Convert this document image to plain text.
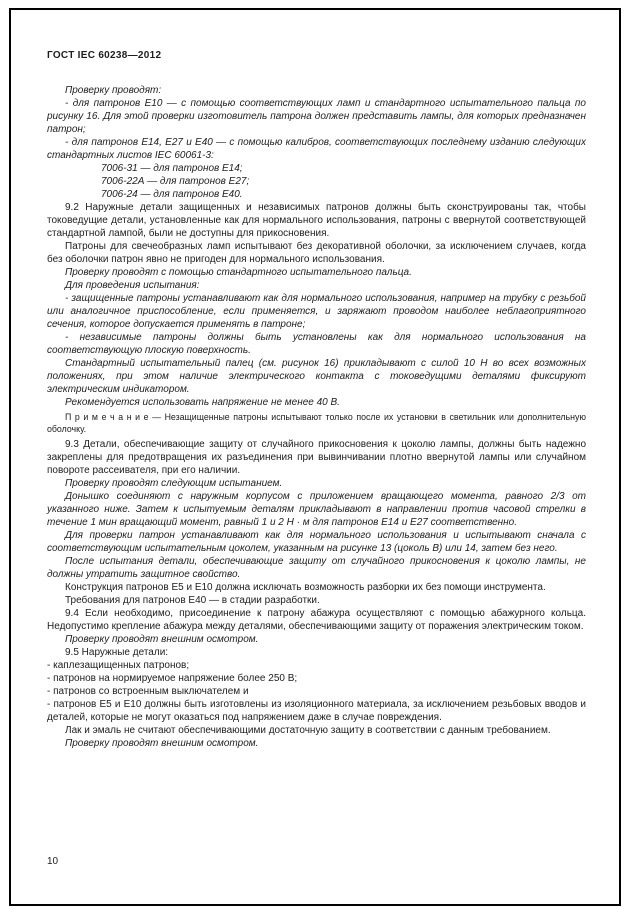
ГОСТ IEC 60238—2012

Проверку проводят:

- для патронов Е10 — с помощью соответствующих ламп и стандартного испытательного пальца по рисунку 16. Для этой проверки изготовитель патрона должен представить лампы, для которых предназначен патрон;

- для патронов Е14, Е27 и Е40 — с помощью калибров, соответствующих последнему изданию следующих стандартных листов IEC 60061-3:

7006-31 — для патронов Е14;

7006-22А — для патронов Е27;

7006-24 — для патронов Е40.

9.2 Наружные детали защищенных и независимых патронов должны быть сконструированы так, чтобы токоведущие детали, установленные как для нормального использования, патроны с ввернутой соответствующей стандартной лампой, были не доступны для прикосновения.

Патроны для свечеобразных ламп испытывают без декоративной оболочки, за исключением случаев, когда без оболочки патрон явно не пригоден для нормального использования.

Проверку проводят с помощью стандартного испытательного пальца.

Для проведения испытания:

- защищенные патроны устанавливают как для нормального использования, например на трубку с резьбой или аналогичное приспособление, если применяется, и заряжают проводом наиболее неблагоприятного сечения, которое допускается применять в патроне;

- независимые патроны должны быть установлены как для нормального использования на соответствующую плоскую поверхность.

Стандартный испытательный палец (см. рисунок 16) прикладывают с силой 10 Н во всех возможных положениях, при этом наличие электрического контакта с токоведущими деталями фиксируют электрическим индикатором.

Рекомендуется использовать напряжение не менее 40 В.

П р и м е ч а н и е — Незащищенные патроны испытывают только после их установки в светильник или дополнительную оболочку.

9.3 Детали, обеспечивающие защиту от случайного прикосновения к цоколю лампы, должны быть надежно закреплены для предотвращения их разъединения при вывинчивании плотно ввернутой лампы или случайном повороте рассеивателя, при его наличии.

Проверку проводят следующим испытанием.

Донышко соединяют с наружным корпусом с приложением вращающего момента, равного 2/3 от указанного ниже. Затем к испытуемым деталям прикладывают в направлении против часовой стрелки в течение 1 мин вращающий момент, равный 1 и 2 Н · м для патронов Е14 и Е27 соответственно.

Для проверки патрон устанавливают как для нормального использования и испытывают сначала с соответствующим испытательным цоколем, указанным на рисунке 13 (цоколь В) или 14, затем без него.

После испытания детали, обеспечивающие защиту от случайного прикосновения к цоколю лампы, не должны утратить защитное свойство.

Конструкция патронов Е5 и Е10 должна исключать возможность разборки их без помощи инструмента.

Требования для патронов Е40 — в стадии разработки.

9.4 Если необходимо, присоединение к патрону абажура осуществляют с помощью абажурного кольца. Недопустимо крепление абажура между деталями, обеспечивающими защиту от поражения электрическим током.

Проверку проводят внешним осмотром.

9.5 Наружные детали:

- каплезащищенных патронов;

- патронов на нормируемое напряжение более 250 В;

- патронов со встроенным выключателем и

- патронов Е5 и Е10 должны быть изготовлены из изоляционного материала, за исключением резьбовых вводов и деталей, которые не могут оказаться под напряжением даже в случае повреждения.

Лак и эмаль не считают обеспечивающими достаточную защиту в соответствии с данным требованием.

Проверку проводят внешним осмотром.

10
